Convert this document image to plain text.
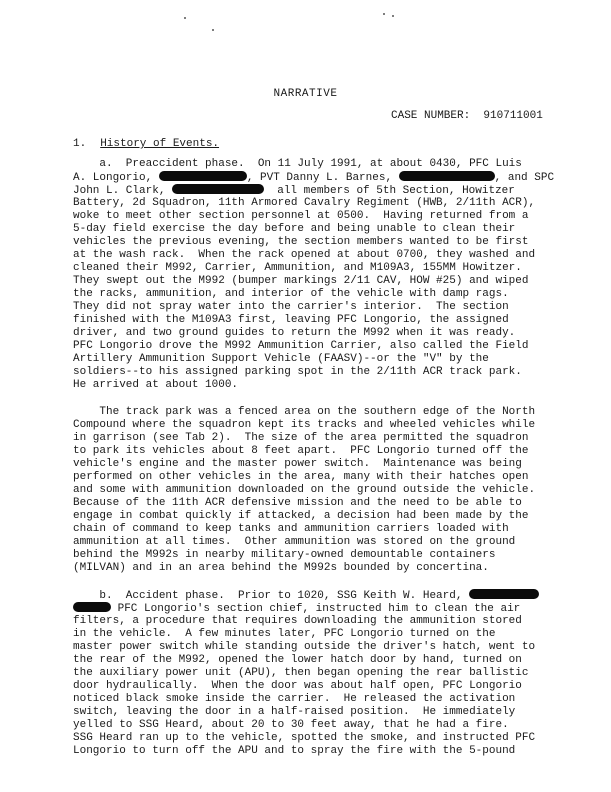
NARRATIVE
CASE NUMBER: 910711001
1. History of Events.
a.  Preaccident phase.  On 11 July 1991, at about 0430, PFC Luis
A. Longorio,	, PVT Danny L. Barnes,	, and SPC
John L. Clark,	all members of 5th Section, Howitzer
Battery, 2d Squadron, 11th Armored Cavalry Regiment (HWB, 2/11th ACR),
woke to meet other section personnel at 0500.  Having returned from a
5-day field exercise the day before and being unable to clean their
vehicles the previous evening, the section members wanted to be first
at the wash rack.  When the rack opened at about 0700, they washed and
cleaned their M992, Carrier, Ammunition, and M109A3, 155MM Howitzer.
They swept out the M992 (bumper markings 2/11 CAV, HOW #25) and wiped
the racks, ammunition, and interior of the vehicle with damp rags.
They did not spray water into the carrier's interior.  The section
finished with the M109A3 first, leaving PFC Longorio, the assigned
driver, and two ground guides to return the M992 when it was ready.
PFC Longorio drove the M992 Ammunition Carrier, also called the Field
Artillery Ammunition Support Vehicle (FAASV)--or the "V" by the
soldiers--to his assigned parking spot in the 2/11th ACR track park.
He arrived at about 1000.
The track park was a fenced area on the southern edge of the North
Compound where the squadron kept its tracks and wheeled vehicles while
in garrison (see Tab 2).  The size of the area permitted the squadron
to park its vehicles about 8 feet apart.  PFC Longorio turned off the
vehicle's engine and the master power switch.  Maintenance was being
performed on other vehicles in the area, many with their hatches open
and some with ammunition downloaded on the ground outside the vehicle.
Because of the 11th ACR defensive mission and the need to be able to
engage in combat quickly if attacked, a decision had been made by the
chain of command to keep tanks and ammunition carriers loaded with
ammunition at all times.  Other ammunition was stored on the ground
behind the M992s in nearby military-owned demountable containers
(MILVAN) and in an area behind the M992s bounded by concertina.
b.  Accident phase.  Prior to 1020, SSG Keith W. Heard,
PFC Longorio's section chief, instructed him to clean the air
filters, a procedure that requires downloading the ammunition stored
in the vehicle.  A few minutes later, PFC Longorio turned on the
master power switch while standing outside the driver's hatch, went to
the rear of the M992, opened the lower hatch door by hand, turned on
the auxiliary power unit (APU), then began opening the rear ballistic
door hydraulically.  When the door was about half open, PFC Longorio
noticed black smoke inside the carrier.  He released the activation
switch, leaving the door in a half-raised position.  He immediately
yelled to SSG Heard, about 20 to 30 feet away, that he had a fire.
SSG Heard ran up to the vehicle, spotted the smoke, and instructed PFC
Longorio to turn off the APU and to spray the fire with the 5-pound
